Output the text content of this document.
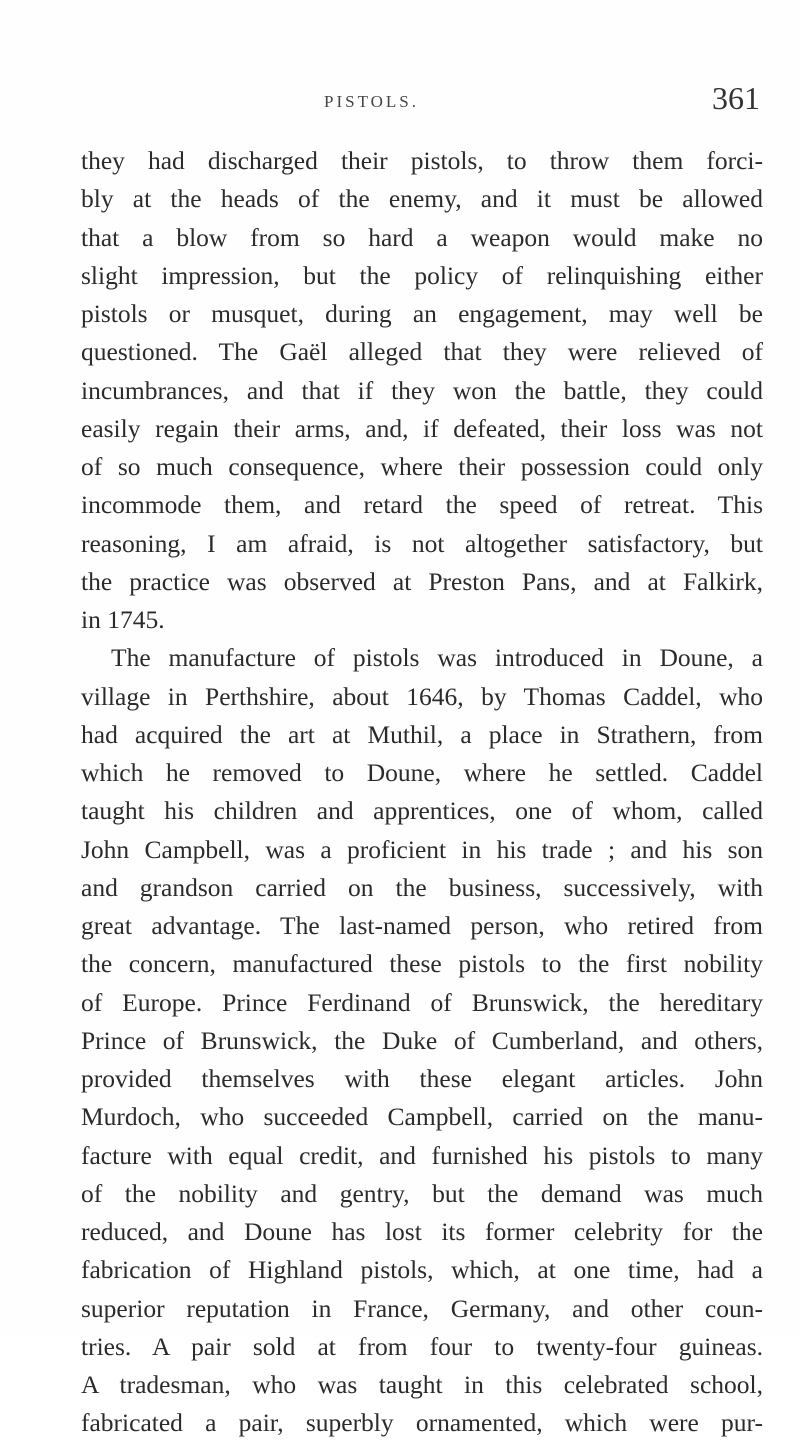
PISTOLS.	361
they had discharged their pistols, to throw them forci-
bly at the heads of the enemy, and it must be allowed
that a blow from so hard a weapon would make no
slight impression, but the policy of relinquishing either
pistols or musquet, during an engagement, may well be
questioned. The Gaël alleged that they were relieved of
incumbrances, and that if they won the battle, they could
easily regain their arms, and, if defeated, their loss was not
of so much consequence, where their possession could only
incommode them, and retard the speed of retreat. This
reasoning, I am afraid, is not altogether satisfactory, but
the practice was observed at Preston Pans, and at Falkirk,
in 1745.
The manufacture of pistols was introduced in Doune, a
village in Perthshire, about 1646, by Thomas Caddel, who
had acquired the art at Muthil, a place in Strathern, from
which he removed to Doune, where he settled. Caddel
taught his children and apprentices, one of whom, called
John Campbell, was a proficient in his trade ; and his son
and grandson carried on the business, successively, with
great advantage. The last-named person, who retired from
the concern, manufactured these pistols to the first nobility
of Europe. Prince Ferdinand of Brunswick, the hereditary
Prince of Brunswick, the Duke of Cumberland, and others,
provided themselves with these elegant articles. John
Murdoch, who succeeded Campbell, carried on the manu-
facture with equal credit, and furnished his pistols to many
of the nobility and gentry, but the demand was much
reduced, and Doune has lost its former celebrity for the
fabrication of Highland pistols, which, at one time, had a
superior reputation in France, Germany, and other coun-
tries. A pair sold at from four to twenty-four guineas.
A tradesman, who was taught in this celebrated school,
fabricated a pair, superbly ornamented, which were pur-
